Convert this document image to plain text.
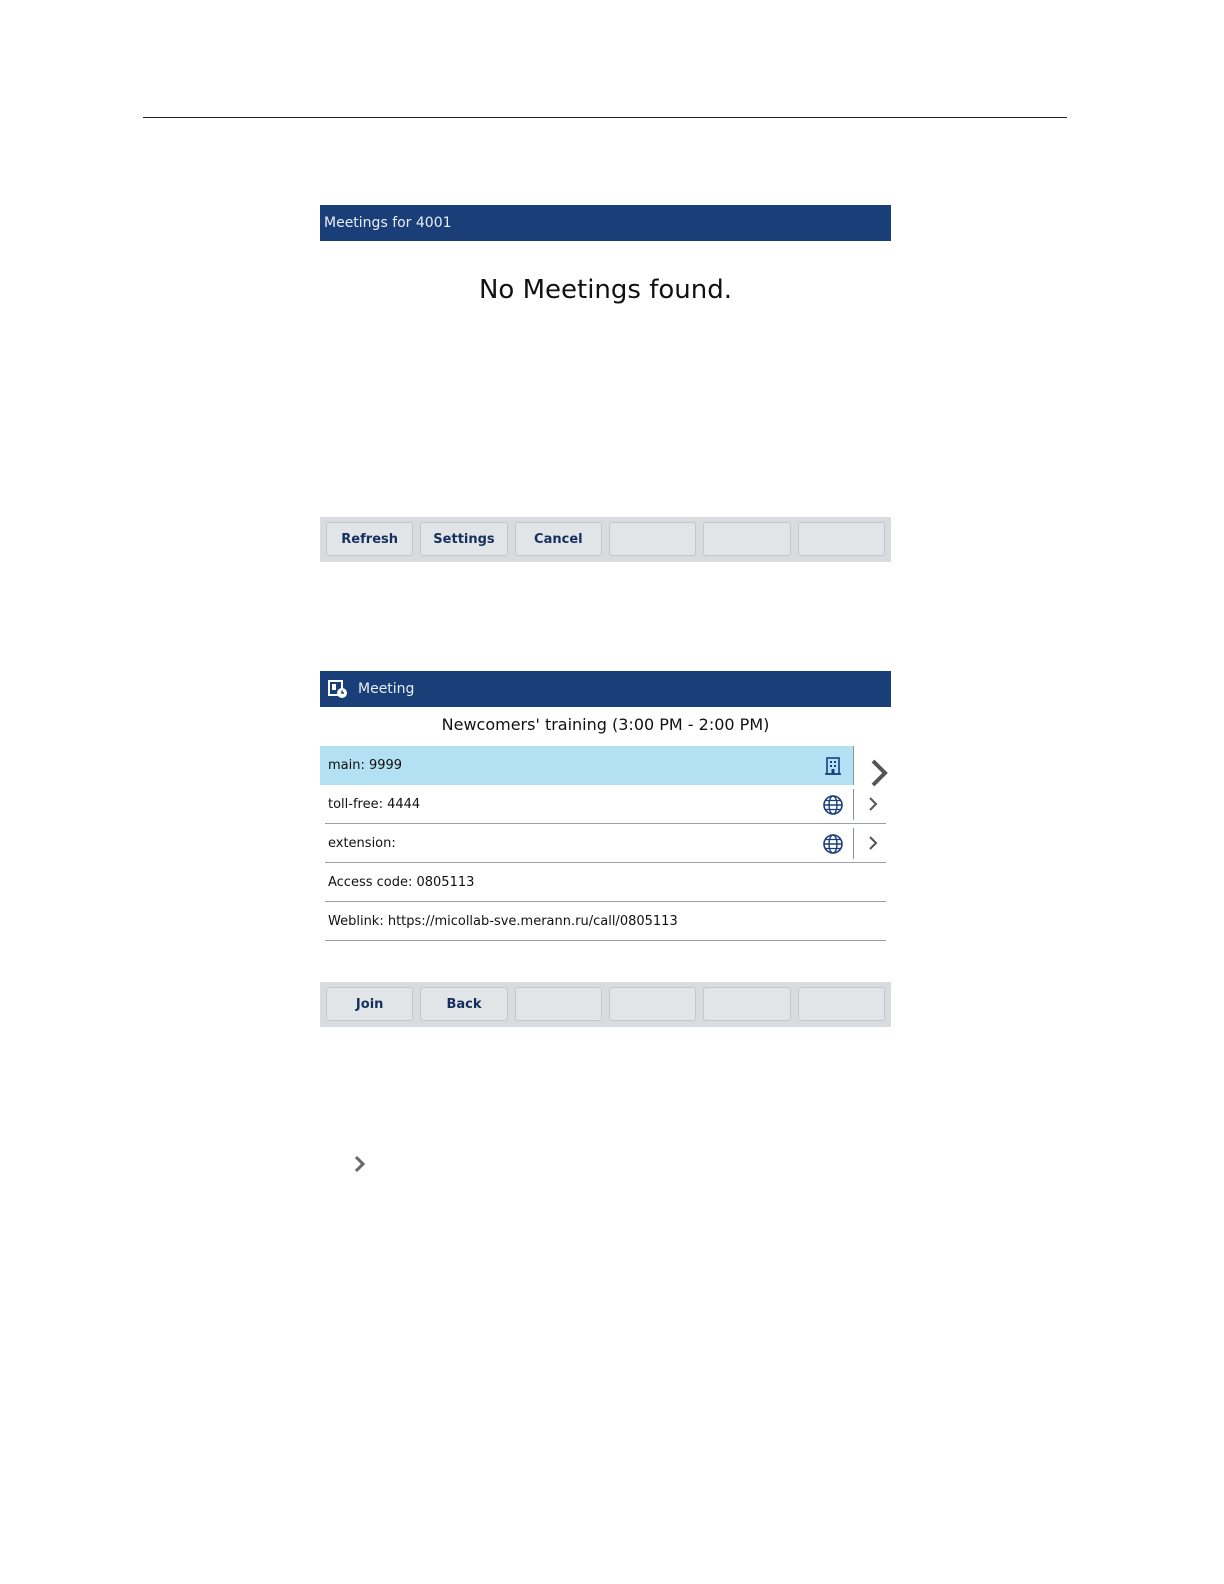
Meetings for 4001
No Meetings found.
Refresh	Settings	Cancel
Meeting
Newcomers' training (3:00 PM - 2:00 PM)
main: 9999
toll-free: 4444
extension:
Access code: 0805113
Weblink: https://micollab-sve.merann.ru/call/0805113
Join	Back
